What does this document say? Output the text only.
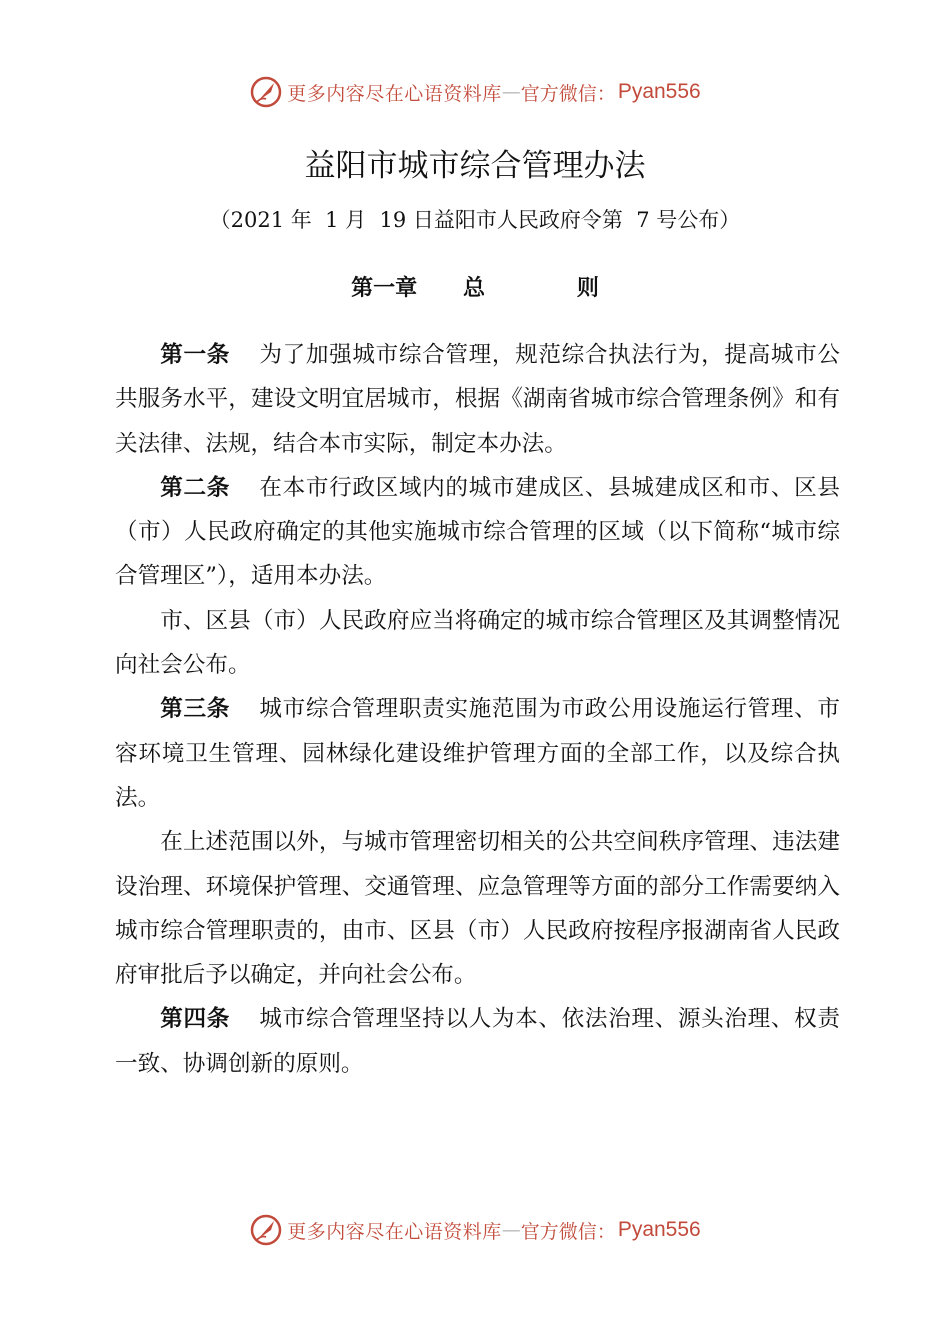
更多内容尽在心语资料库 — 官方微信： Pyan556
益阳市城市综合管理办法
（2021 年  1 月  19 日益阳市人民政府令第  7 号公布）
第一章      总            则

第一条 为了加强城市综合管理，规范综合执法行为，提高城市公共服务水平，建设文明宜居城市，根据《湖南省城市综合管理条例》和有关法律、法规，结合本市实际，制定本办法。

第二条 在本市行政区域内的城市建成区、县城建成区和市、区县（市）人民政府确定的其他实施城市综合管理的区域（以下简称“城市综合管理区”），适用本办法。

市、区县（市）人民政府应当将确定的城市综合管理区及其调整情况向社会公布。

第三条 城市综合管理职责实施范围为市政公用设施运行管理、市容环境卫生管理、园林绿化建设维护管理方面的全部工作，以及综合执法。

在上述范围以外，与城市管理密切相关的公共空间秩序管理、违法建设治理、环境保护管理、交通管理、应急管理等方面的部分工作需要纳入城市综合管理职责的，由市、区县（市）人民政府按程序报湖南省人民政府审批后予以确定，并向社会公布。

第四条 城市综合管理坚持以人为本、依法治理、源头治理、权责一致、协调创新的原则。

更多内容尽在心语资料库 — 官方微信： Pyan556
